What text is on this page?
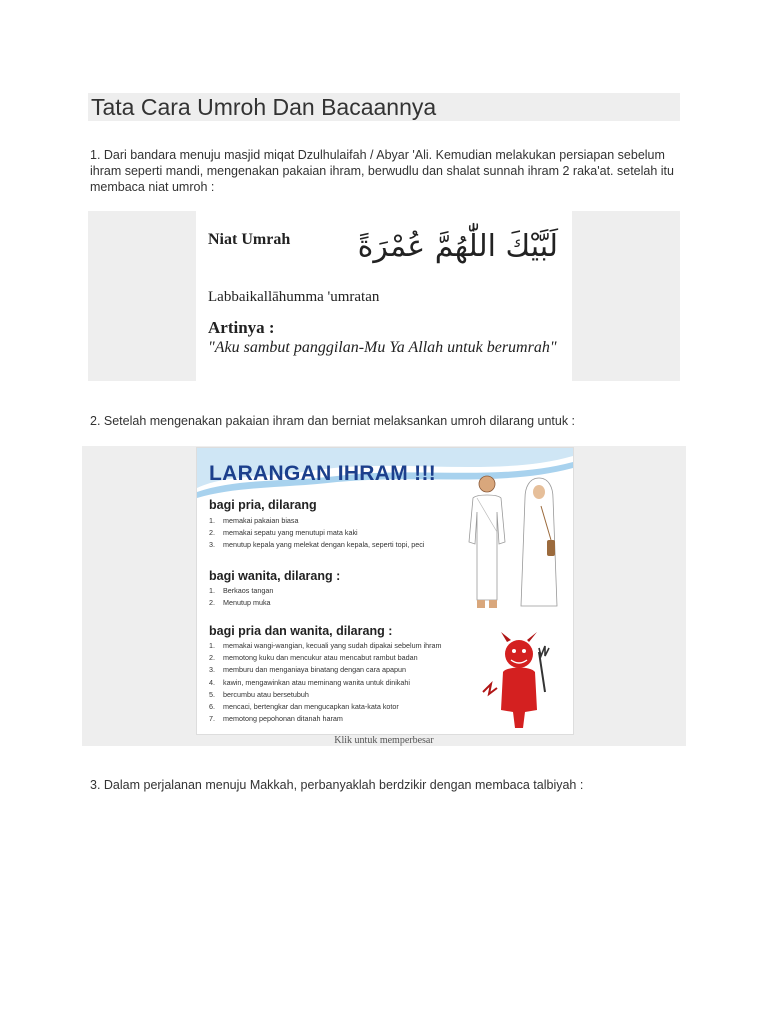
Tata Cara Umroh Dan Bacaannya

1. Dari bandara menuju masjid miqat Dzulhulaifah / Abyar 'Ali. Kemudian melakukan persiapan sebelum ihram seperti mandi, mengenakan pakaian ihram, berwudlu dan shalat sunnah ihram 2 raka'at. setelah itu membaca niat umroh :

Niat Umrah لَبَّيْكَ اللّٰهُمَّ عُمْرَةً
Labbaikallāhumma 'umratan
Artinya :
"Aku sambut panggilan-Mu Ya Allah untuk berumrah"

2. Setelah mengenakan pakaian ihram dan berniat melaksankan umroh dilarang untuk :

LARANGAN IHRAM !!!
bagi pria, dilarang
1. memakai pakaian biasa
2. memakai sepatu yang menutupi mata kaki
3. menutup kepala yang melekat dengan kepala, seperti topi, peci
bagi wanita, dilarang :
1. Berkaos tangan
2. Menutup muka
bagi pria dan wanita, dilarang :
1. memakai wangi-wangian, kecuali yang sudah dipakai sebelum ihram
2. memotong kuku dan mencukur atau mencabut rambut badan
3. memburu dan menganiaya binatang dengan cara apapun
4. kawin, mengawinkan atau meminang wanita untuk dinikahi
5. bercumbu atau bersetubuh
6. mencaci, bertengkar dan mengucapkan kata-kata kotor
7. memotong pepohonan ditanah haram
Klik untuk memperbesar

3. Dalam perjalanan menuju Makkah, perbanyaklah berdzikir dengan membaca talbiyah :
